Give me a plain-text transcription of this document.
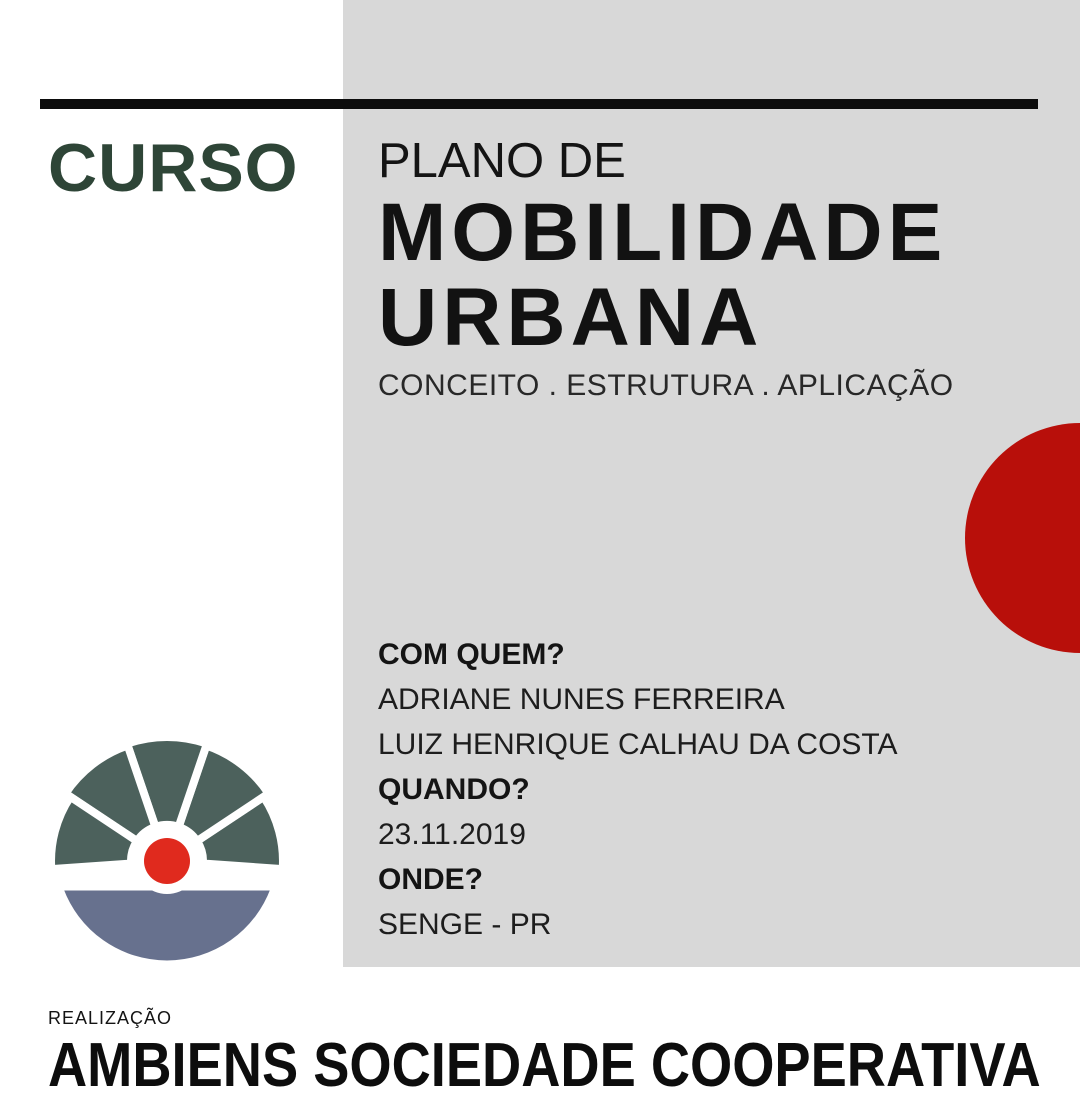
CURSO PLANO DE
MOBILIDADE
URBANA
CONCEITO . ESTRUTURA . APLICAÇÃO
COM QUEM?
ADRIANE NUNES FERREIRA
LUIZ HENRIQUE CALHAU DA COSTA
QUANDO?
23.11.2019
ONDE?
SENGE - PR
REALIZAÇÃO
AMBIENS SOCIEDADE COOPERATIVA
